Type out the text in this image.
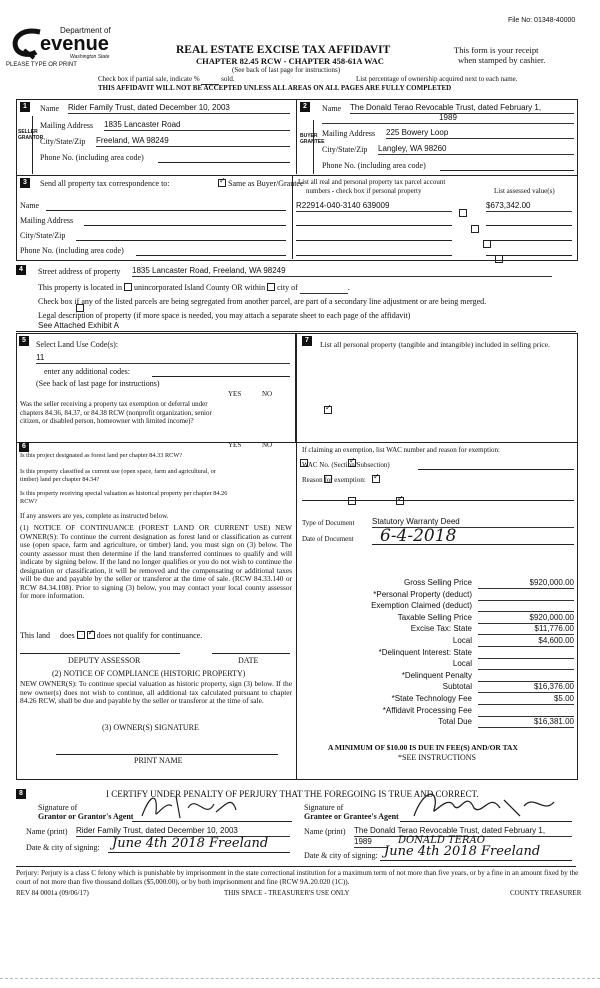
File No: 01348-40000
Department of
evenue
Washington State
PLEASE TYPE OR PRINT
REAL ESTATE EXCISE TAX AFFIDAVIT
CHAPTER 82.45 RCW - CHAPTER 458-61A WAC
(See back of last page for instructions)
This form is your receipt
when stamped by cashier.
Check box if partial sale, indicate %	sold.	List percentage of ownership acquired next to each name.
THIS AFFIDAVIT WILL NOT BE ACCEPTED UNLESS ALL AREAS ON ALL PAGES ARE FULLY COMPLETED
1
SELLER GRANTOR
Name Rider Family Trust, dated December 10, 2003
Mailing Address 1835 Lancaster Road
City/State/Zip Freeland, WA 98249
Phone No. (including area code)
2
BUYER GRANTEE
Name The Donald Terao Revocable Trust, dated February 1,
1989
Mailing Address 225 Bowery Loop
City/State/Zip Langley, WA 98260
Phone No. (including area code)
3	Send all property tax correspondence to: ✓	Same as Buyer/Grantee
Name
Mailing Address
City/State/Zip
Phone No. (including area code)
List all real and personal property tax parcel account
numbers - check box if personal property	List assessed value(s)
R22914-040-3140 639009
	$673,342.00

4	Street address of property 1835 Lancaster Road, Freeland, WA 98249
This property is located in unincorporated Island County OR within city of	.
Check box if any of the listed parcels are being segregated from another parcel, are part of a secondary line adjustment or are being merged.

Legal description of property (if more space is needed, you may attach a separate sheet to each page of the affidavit)
See Attached Exhibit A
5	Select Land Use Code(s):
11
enter any additional codes:
(See back of last page for instructions)
YES	NO
Was the seller receiving a property tax exemption or deferral under chapters 84.36, 84.37, or 84.38 RCW (nonprofit organization, senior citizen, or disabled person, homeowner with limited income)?
✓
6	YES	NO
Is this project designated as forest land per chapter 84.33 RCW?
✓
Is this property classified as current use (open space, farm and agricultural, or timber) land per chapter 84.34?
✓
Is this property receiving special valuation as historical property per chapter 84.26 RCW?
✓
If any answers are yes, complete as instructed below.
(1) NOTICE OF CONTINUANCE (FOREST LAND OR CURRENT USE) NEW OWNER(S): To continue the current designation as forest land or classification as current use (open space, farm and agriculture, or timber) land, you must sign on (3) below. The county assessor must then determine if the land transferred continues to qualify and will indicate by signing below. If the land no longer qualifies or you do not wish to continue the designation or classification, it will be removed and the compensating or additional taxes will be due and payable by the seller or transferor at the time of sale. (RCW 84.33.140 or RCW 84.34.108). Prior to signing (3) below, you may contact your local county assessor for more information.
This land does ✓	does not qualify for continuance.
DEPUTY ASSESSOR	DATE
(2) NOTICE OF COMPLIANCE (HISTORIC PROPERTY)
NEW OWNER(S): To continue special valuation as historic property, sign (3) below. If the new owner(s) does not wish to continue, all additional tax calculated pursuant to chapter 84.26 RCW, shall be due and payable by the seller or transferor at the time of sale.
(3) OWNER(S) SIGNATURE
PRINT NAME
7	List all personal property (tangible and intangible) included in selling price.
If claiming an exemption, list WAC number and reason for exemption:
WAC No. (Section/Subsection)
Reason for exemption:
Type of Document Statutory Warranty Deed
Date of Document 6-4-2018
Gross Selling Price	$920,000.00
*Personal Property (deduct)
Exemption Claimed (deduct)
Taxable Selling Price	$920,000.00
Excise Tax: State	$11,776.00
Local	$4,600.00
*Delinquent Interest: State
Local
*Delinquent Penalty
Subtotal	$16,376.00
*State Technology Fee	$5.00
*Affidavit Processing Fee
Total Due	$16,381.00
A MINIMUM OF $10.00 IS DUE IN FEE(S) AND/OR TAX
*SEE INSTRUCTIONS
8	I CERTIFY UNDER PENALTY OF PERJURY THAT THE FOREGOING IS TRUE AND CORRECT.
Signature of
Grantor or Grantor's Agent
Signature of
Grantee or Grantee's Agent
Name (print) Rider Family Trust, dated December 10, 2003
Date & city of signing: June 4th 2018 Freeland
Name (print) The Donald Terao Revocable Trust, dated February 1,
1989	DONALD TERAO
Date & city of signing: June 4th 2018 Freeland
Perjury: Perjury is a class C felony which is punishable by imprisonment in the state correctional institution for a maximum term of not more than five years, or by a fine in an amount fixed by the court of not more than five thousand dollars ($5,000.00), or by both imprisonment and fine (RCW 9A.20.020 (1C)).
REV 84 0001a (09/06/17)	THIS SPACE - TREASURER'S USE ONLY	COUNTY TREASURER
